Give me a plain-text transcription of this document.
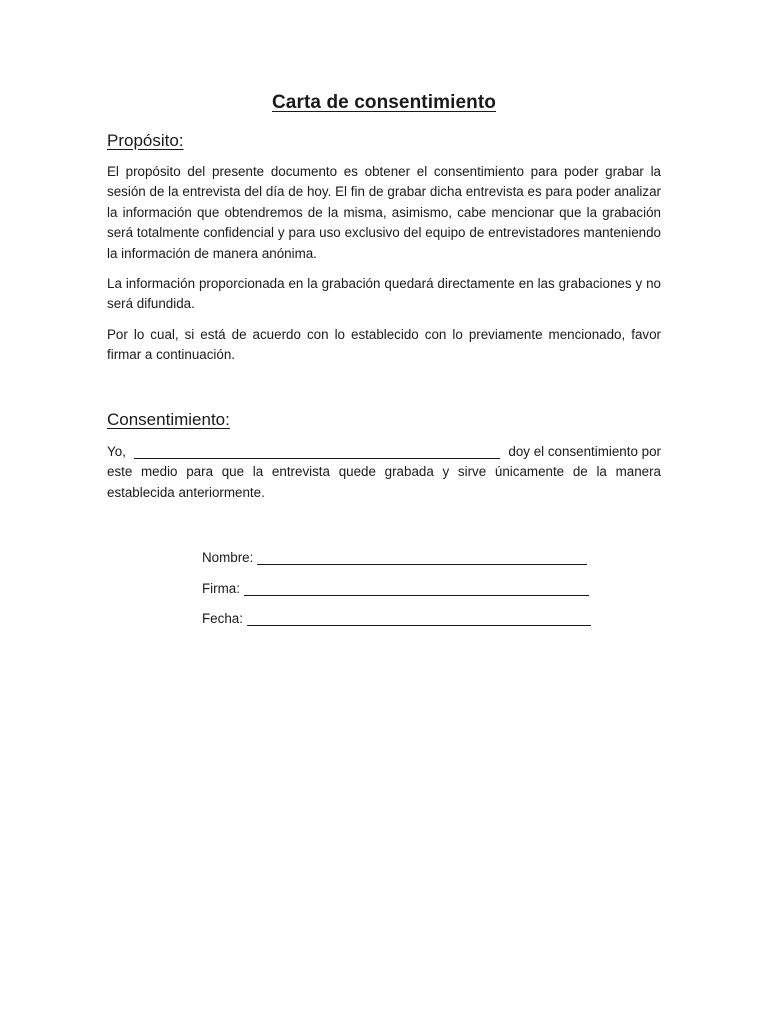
Carta de consentimiento
Propósito:
El propósito del presente documento es obtener el consentimiento para poder grabar la sesión de la entrevista del día de hoy. El fin de grabar dicha entrevista es para poder analizar la información que obtendremos de la misma, asimismo, cabe mencionar que la grabación será totalmente confidencial y para uso exclusivo del equipo de entrevistadores manteniendo la información de manera anónima.
La información proporcionada en la grabación quedará directamente en las grabaciones y no será difundida.
Por lo cual, si está de acuerdo con lo establecido con lo previamente mencionado, favor firmar a continuación.
Consentimiento:
Yo,	doy el consentimiento por
este medio para que la entrevista quede grabada y sirve únicamente de la manera establecida anteriormente.
Nombre:
Firma:
Fecha:
